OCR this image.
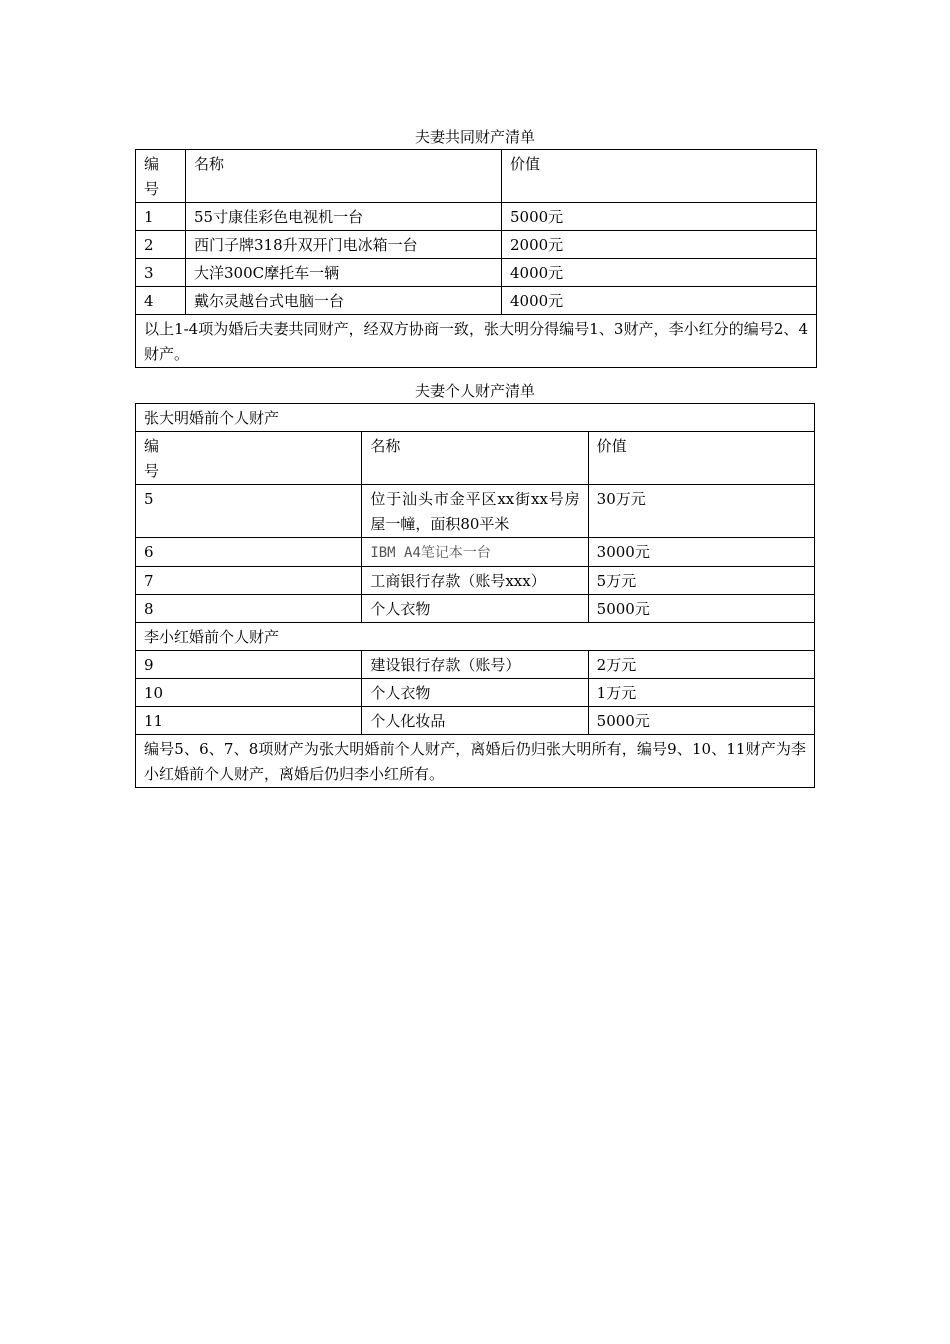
夫妻共同财产清单
编
号	名称	价值
1	55寸康佳彩色电视机一台	5000元
2	西门子牌318升双开门电冰箱一台	2000元
3	大洋300C摩托车一辆	4000元
4	戴尔灵越台式电脑一台	4000元
以上1-4项为婚后夫妻共同财产，经双方协商一致，张大明分得编号1、3财产，李小红分的编号2、4财产。		
夫妻个人财产清单
张大明婚前个人财产		
编
号	名称	价值
5	位于汕头市金平区xx街xx号房屋一幢，面积80平米	30万元
6	IBM A4笔记本一台	3000元
7	工商银行存款（账号xxx）	5万元
8	个人衣物	5000元
李小红婚前个人财产		
9	建设银行存款（账号）	2万元
10	个人衣物	1万元
11	个人化妆品	5000元
编号5、6、7、8项财产为张大明婚前个人财产，离婚后仍归张大明所有，编号9、10、11财产为李小红婚前个人财产，离婚后仍归李小红所有。		
